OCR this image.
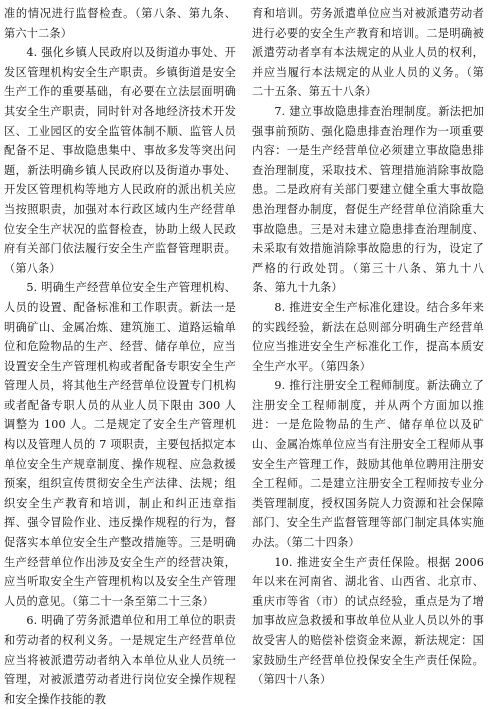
准的情况进行监督检查。（第八条、第九条、第六十二条）

4. 强化乡镇人民政府以及街道办事处、开发区管理机构安全生产职责。乡镇街道是安全生产工作的重要基础，有必要在立法层面明确其安全生产职责，同时针对各地经济技术开发区、工业园区的安全监管体制不顺、监管人员配备不足、事故隐患集中、事故多发等突出问题，新法明确乡镇人民政府以及街道办事处、开发区管理机构等地方人民政府的派出机关应当按照职责，加强对本行政区域内生产经营单位安全生产状况的监督检查，协助上级人民政府有关部门依法履行安全生产监督管理职责。（第八条）

5. 明确生产经营单位安全生产管理机构、人员的设置、配备标准和工作职责。新法一是明确矿山、金属冶炼、建筑施工、道路运输单位和危险物品的生产、经营、储存单位，应当设置安全生产管理机构或者配备专职安全生产管理人员，将其他生产经营单位设置专门机构或者配备专职人员的从业人员下限由 300 人调整为 100 人。二是规定了安全生产管理机构以及管理人员的 7 项职责，主要包括拟定本单位安全生产规章制度、操作规程、应急救援预案，组织宣传贯彻安全生产法律、法规；组织安全生产教育和培训，制止和纠正违章指挥、强令冒险作业、违反操作规程的行为，督促落实本单位安全生产整改措施等。三是明确生产经营单位作出涉及安全生产的经营决策，应当听取安全生产管理机构以及安全生产管理人员的意见。（第二十一条至第二十三条）

6. 明确了劳务派遣单位和用工单位的职责和劳动者的权利义务。一是规定生产经营单位应当将被派遣劳动者纳入本单位从业人员统一管理，对被派遣劳动者进行岗位安全操作规程和安全操作技能的教

育和培训。劳务派遣单位应当对被派遣劳动者进行必要的安全生产教育和培训。二是明确被派遣劳动者享有本法规定的从业人员的权利，并应当履行本法规定的从业人员的义务。（第二十五条、第五十八条）

7. 建立事故隐患排查治理制度。新法把加强事前预防、强化隐患排查治理作为一项重要内容：一是生产经营单位必须建立事故隐患排查治理制度，采取技术、管理措施消除事故隐患。二是政府有关部门要建立健全重大事故隐患治理督办制度，督促生产经营单位消除重大事故隐患。三是对未建立隐患排查治理制度、未采取有效措施消除事故隐患的行为，设定了严格的行政处罚。（第三十八条、第九十八条、第九十九条）

8. 推进安全生产标准化建设。结合多年来的实践经验，新法在总则部分明确生产经营单位应当推进安全生产标准化工作，提高本质安全生产水平。（第四条）

9. 推行注册安全工程师制度。新法确立了注册安全工程师制度，并从两个方面加以推进：一是危险物品的生产、储存单位以及矿山、金属冶炼单位应当有注册安全工程师从事安全生产管理工作，鼓励其他单位聘用注册安全工程师。二是建立注册安全工程师按专业分类管理制度，授权国务院人力资源和社会保障部门、安全生产监督管理等部门制定具体实施办法。（第二十四条）

10. 推进安全生产责任保险。根据 2006 年以来在河南省、湖北省、山西省、北京市、重庆市等省（市）的试点经验，重点是为了增加事故应急救援和事故单位从业人员以外的事故受害人的赔偿补偿资金来源，新法规定：国家鼓励生产经营单位投保安全生产责任保险。（第四十八条）
